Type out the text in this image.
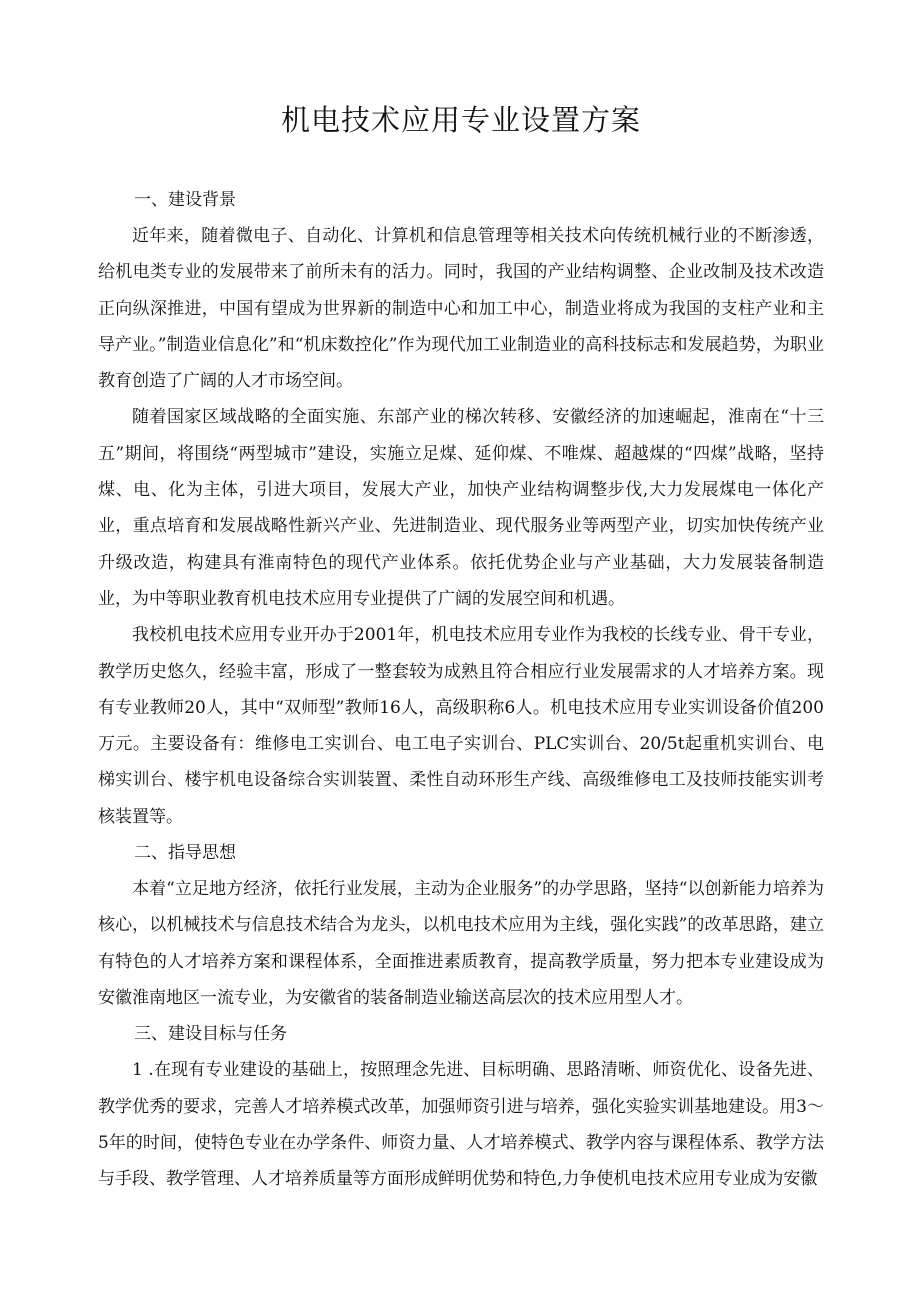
机电技术应用专业设置方案
一、建设背景

近年来，随着微电子、自动化、计算机和信息管理等相关技术向传统机械行业的不断渗透，给机电类专业的发展带来了前所未有的活力。同时，我国的产业结构调整、企业改制及技术改造正向纵深推进，中国有望成为世界新的制造中心和加工中心，制造业将成为我国的支柱产业和主导产业。”制造业信息化”和“机床数控化”作为现代加工业制造业的高科技标志和发展趋势，为职业教育创造了广阔的人才市场空间。

随着国家区域战略的全面实施、东部产业的梯次转移、安徽经济的加速崛起，淮南在“十三五”期间，将围绕“两型城市”建设，实施立足煤、延仰煤、不唯煤、超越煤的“四煤”战略，坚持煤、电、化为主体，引进大项目，发展大产业，加快产业结构调整步伐,大力发展煤电一体化产业，重点培育和发展战略性新兴产业、先进制造业、现代服务业等两型产业，切实加快传统产业升级改造，构建具有淮南特色的现代产业体系。依托优势企业与产业基础，大力发展装备制造业，为中等职业教育机电技术应用专业提供了广阔的发展空间和机遇。

我校机电技术应用专业开办于2001年，机电技术应用专业作为我校的长线专业、骨干专业，教学历史悠久，经验丰富，形成了一整套较为成熟且符合相应行业发展需求的人才培养方案。现有专业教师20人，其中“双师型”教师16人，高级职称6人。机电技术应用专业实训设备价值200万元。主要设备有：维修电工实训台、电工电子实训台、PLC实训台、20/5t起重机实训台、电梯实训台、楼宇机电设备综合实训装置、柔性自动环形生产线、高级维修电工及技师技能实训考核装置等。

二、指导思想

本着“立足地方经济，依托行业发展，主动为企业服务”的办学思路，坚持“以创新能力培养为核心，以机械技术与信息技术结合为龙头，以机电技术应用为主线，强化实践”的改革思路，建立有特色的人才培养方案和课程体系，全面推进素质教育，提高教学质量，努力把本专业建设成为安徽淮南地区一流专业，为安徽省的装备制造业输送高层次的技术应用型人才。

三、建设目标与任务

1 .在现有专业建设的基础上，按照理念先进、目标明确、思路清晰、师资优化、设备先进、教学优秀的要求，完善人才培养模式改革，加强师资引进与培养，强化实验实训基地建设。用3～5年的时间，使特色专业在办学条件、师资力量、人才培养模式、教学内容与课程体系、教学方法与手段、教学管理、人才培养质量等方面形成鲜明优势和特色,力争使机电技术应用专业成为安徽
